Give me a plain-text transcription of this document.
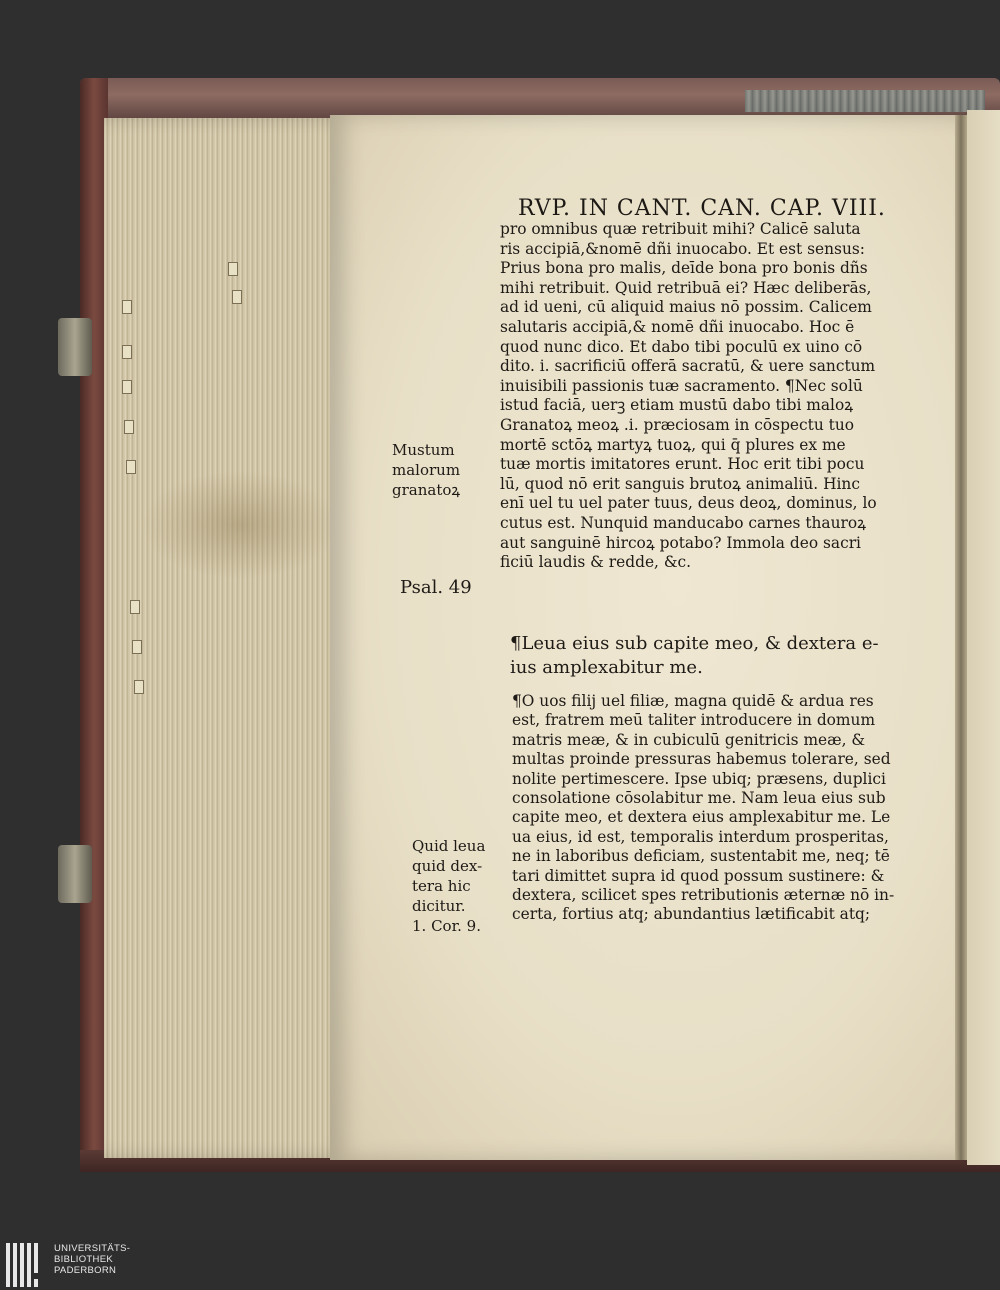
RVP. IN CANT. CAN. CAP. VIII.
pro omnibus quæ retribuit mihi? Calicē saluta
ris accipiā,&nomē dñi inuocabo. Et est sensus:
Prius bona pro malis, deīde bona pro bonis dñs
mihi retribuit. Quid retribuā ei? Hæc deliberās,
ad id ueni, cū aliquid maius nō possim. Calicem
salutaris accipiā,& nomē dñi inuocabo. Hoc ē
quod nunc dico. Et dabo tibi poculū ex uino cō
dito. i. sacrificiū offerā sacratū, & uere sanctum
inuisibili passionis tuæ sacramento. ¶Nec solū
istud faciā, uerꝫ etiam mustū dabo tibi maloꝝ
Granatoꝝ meoꝝ .i. præciosam in cōspectu tuo
mortē sctōꝝ martyꝝ tuoꝝ, qui q̄ plures ex me
tuæ mortis imitatores erunt. Hoc erit tibi pocu
lū, quod nō erit sanguis brutoꝝ animaliū. Hinc
enī uel tu uel pater tuus, deus deoꝝ, dominus, lo
cutus est. Nunquid manducabo carnes thauroꝝ
aut sanguinē hircoꝝ potabo? Immola deo sacri
ficiū laudis & redde, &c.
¶Leua eius sub capite meo, & dextera e-
ius amplexabitur me.
¶O uos filij uel filiæ, magna quidē & ardua res
est, fratrem meū taliter introducere in domum
matris meæ, & in cubiculū genitricis meæ, &
multas proinde pressuras habemus tolerare, sed
nolite pertimescere. Ipse ubiq; præsens, duplici
consolatione cōsolabitur me. Nam leua eius sub
capite meo, et dextera eius amplexabitur me. Le
ua eius, id est, temporalis interdum prosperitas,
ne in laboribus deficiam, sustentabit me, neq; tē
tari dimittet supra id quod possum sustinere: &
dextera, scilicet spes retributionis æternæ nō in-
certa, fortius atq; abundantius lætificabit atq;
Mustum
malorum
granatoꝝ
Psal. 49
Quid leua
quid dex-
tera hic
dicitur.
1. Cor. 9.
UNIVERSITÄTS-
BIBLIOTHEK
PADERBORN
